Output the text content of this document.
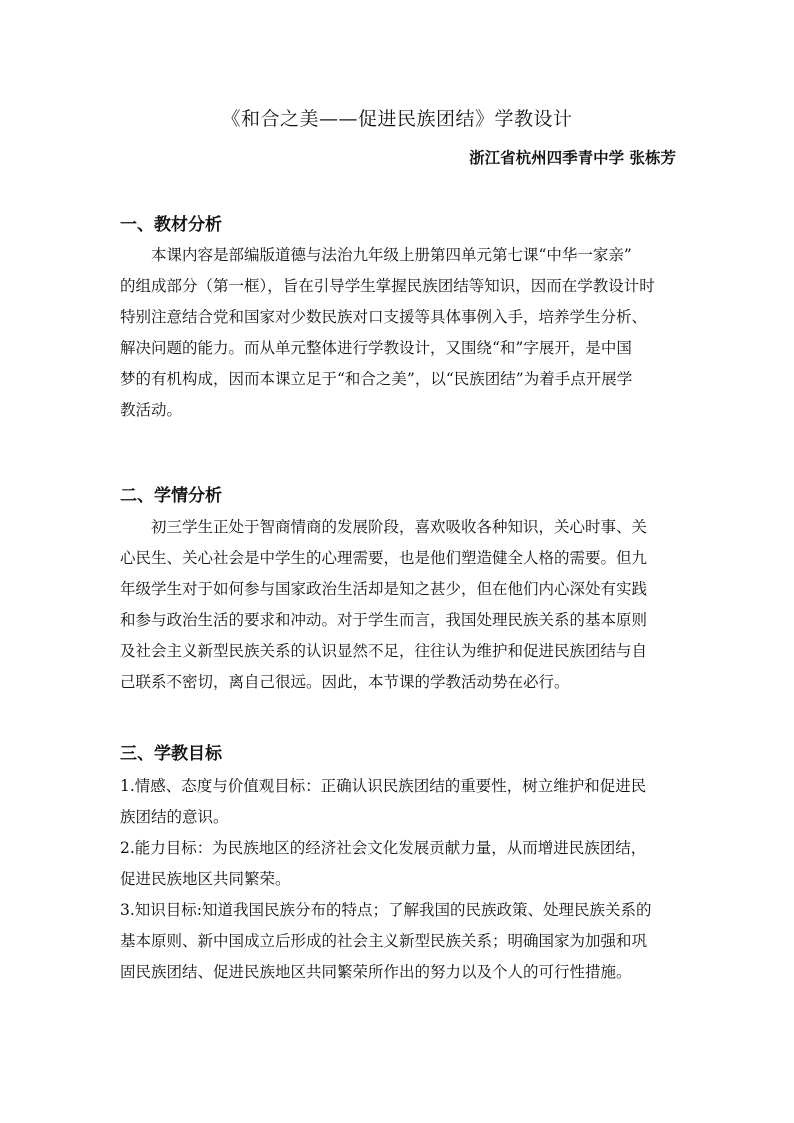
《和合之美——促进民族团结》学教设计
浙江省杭州四季青中学 张栋芳
一、教材分析
本课内容是部编版道德与法治九年级上册第四单元第七课“中华一家亲”
的组成部分（第一框），旨在引导学生掌握民族团结等知识，因而在学教设计时
特别注意结合党和国家对少数民族对口支援等具体事例入手，培养学生分析、
解决问题的能力。而从单元整体进行学教设计，又围绕“和”字展开，是中国
梦的有机构成，因而本课立足于“和合之美”，以“民族团结”为着手点开展学
教活动。
二、学情分析
初三学生正处于智商情商的发展阶段，喜欢吸收各种知识，关心时事、关
心民生、关心社会是中学生的心理需要，也是他们塑造健全人格的需要。但九
年级学生对于如何参与国家政治生活却是知之甚少，但在他们内心深处有实践
和参与政治生活的要求和冲动。对于学生而言，我国处理民族关系的基本原则
及社会主义新型民族关系的认识显然不足，往往认为维护和促进民族团结与自
己联系不密切，离自己很远。因此，本节课的学教活动势在必行。
三、学教目标
1.情感、态度与价值观目标：正确认识民族团结的重要性，树立维护和促进民
族团结的意识。
2.能力目标：为民族地区的经济社会文化发展贡献力量，从而增进民族团结，
促进民族地区共同繁荣。
3.知识目标:知道我国民族分布的特点；了解我国的民族政策、处理民族关系的
基本原则、新中国成立后形成的社会主义新型民族关系；明确国家为加强和巩
固民族团结、促进民族地区共同繁荣所作出的努力以及个人的可行性措施。
